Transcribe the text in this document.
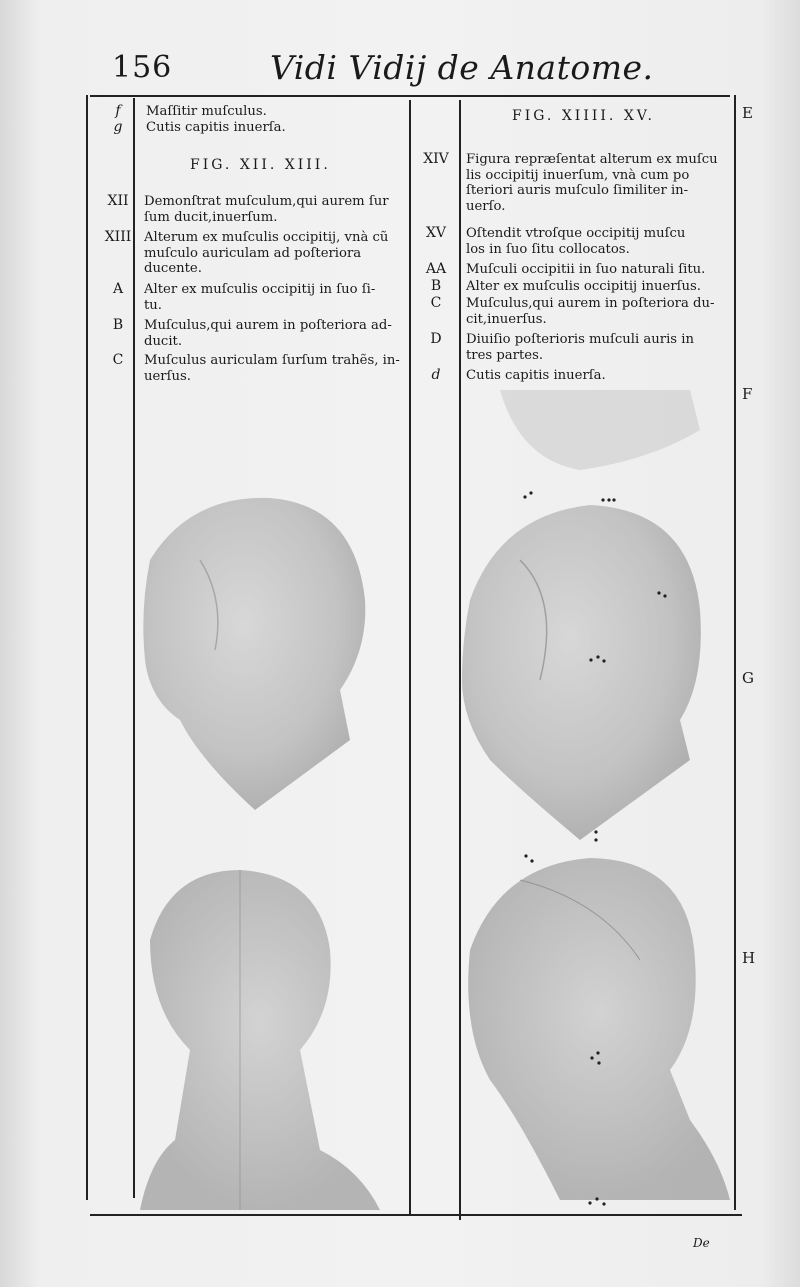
156	Vidi Vidij de Anatome.
f	Maſſitir muſculus.
g	Cutis capitis inuerſa.
FIG. XII. XIII.
XII	Demonſtrat muſculum,qui aurem ſur
ſum ducit,inuerſum.
XIII Alterum ex muſculis occipitij, vnà cũ
muſculo auriculam ad poſteriora
ducente.
A	Alter ex muſculis occipitij in ſuo ſi-
tu.
B	Muſculus,qui aurem in poſteriora ad-
ducit.
C	Muſculus auriculam ſurſum trahẽs, in-
uerſus.
FIG. XIIII. XV.
XIV	Figura repræſentat alterum ex muſcu
lis occipitij inuerſum, vnà cum po
ſteriori auris muſculo ſimiliter in-
uerſo.
XV	Oſtendit vtroſque occipitij muſcu
los in ſuo ſitu collocatos.
AA	Muſculi occipitii in ſuo naturali ſitu.
B	Alter ex muſculis occipitij inuerſus.
C	Muſculus,qui aurem in poſteriora du-
cit,inuerſus.
D	Diuiſio poſterioris muſculi auris in
tres partes.
d	Cutis capitis inuerſa.
E
F
G
H
De
